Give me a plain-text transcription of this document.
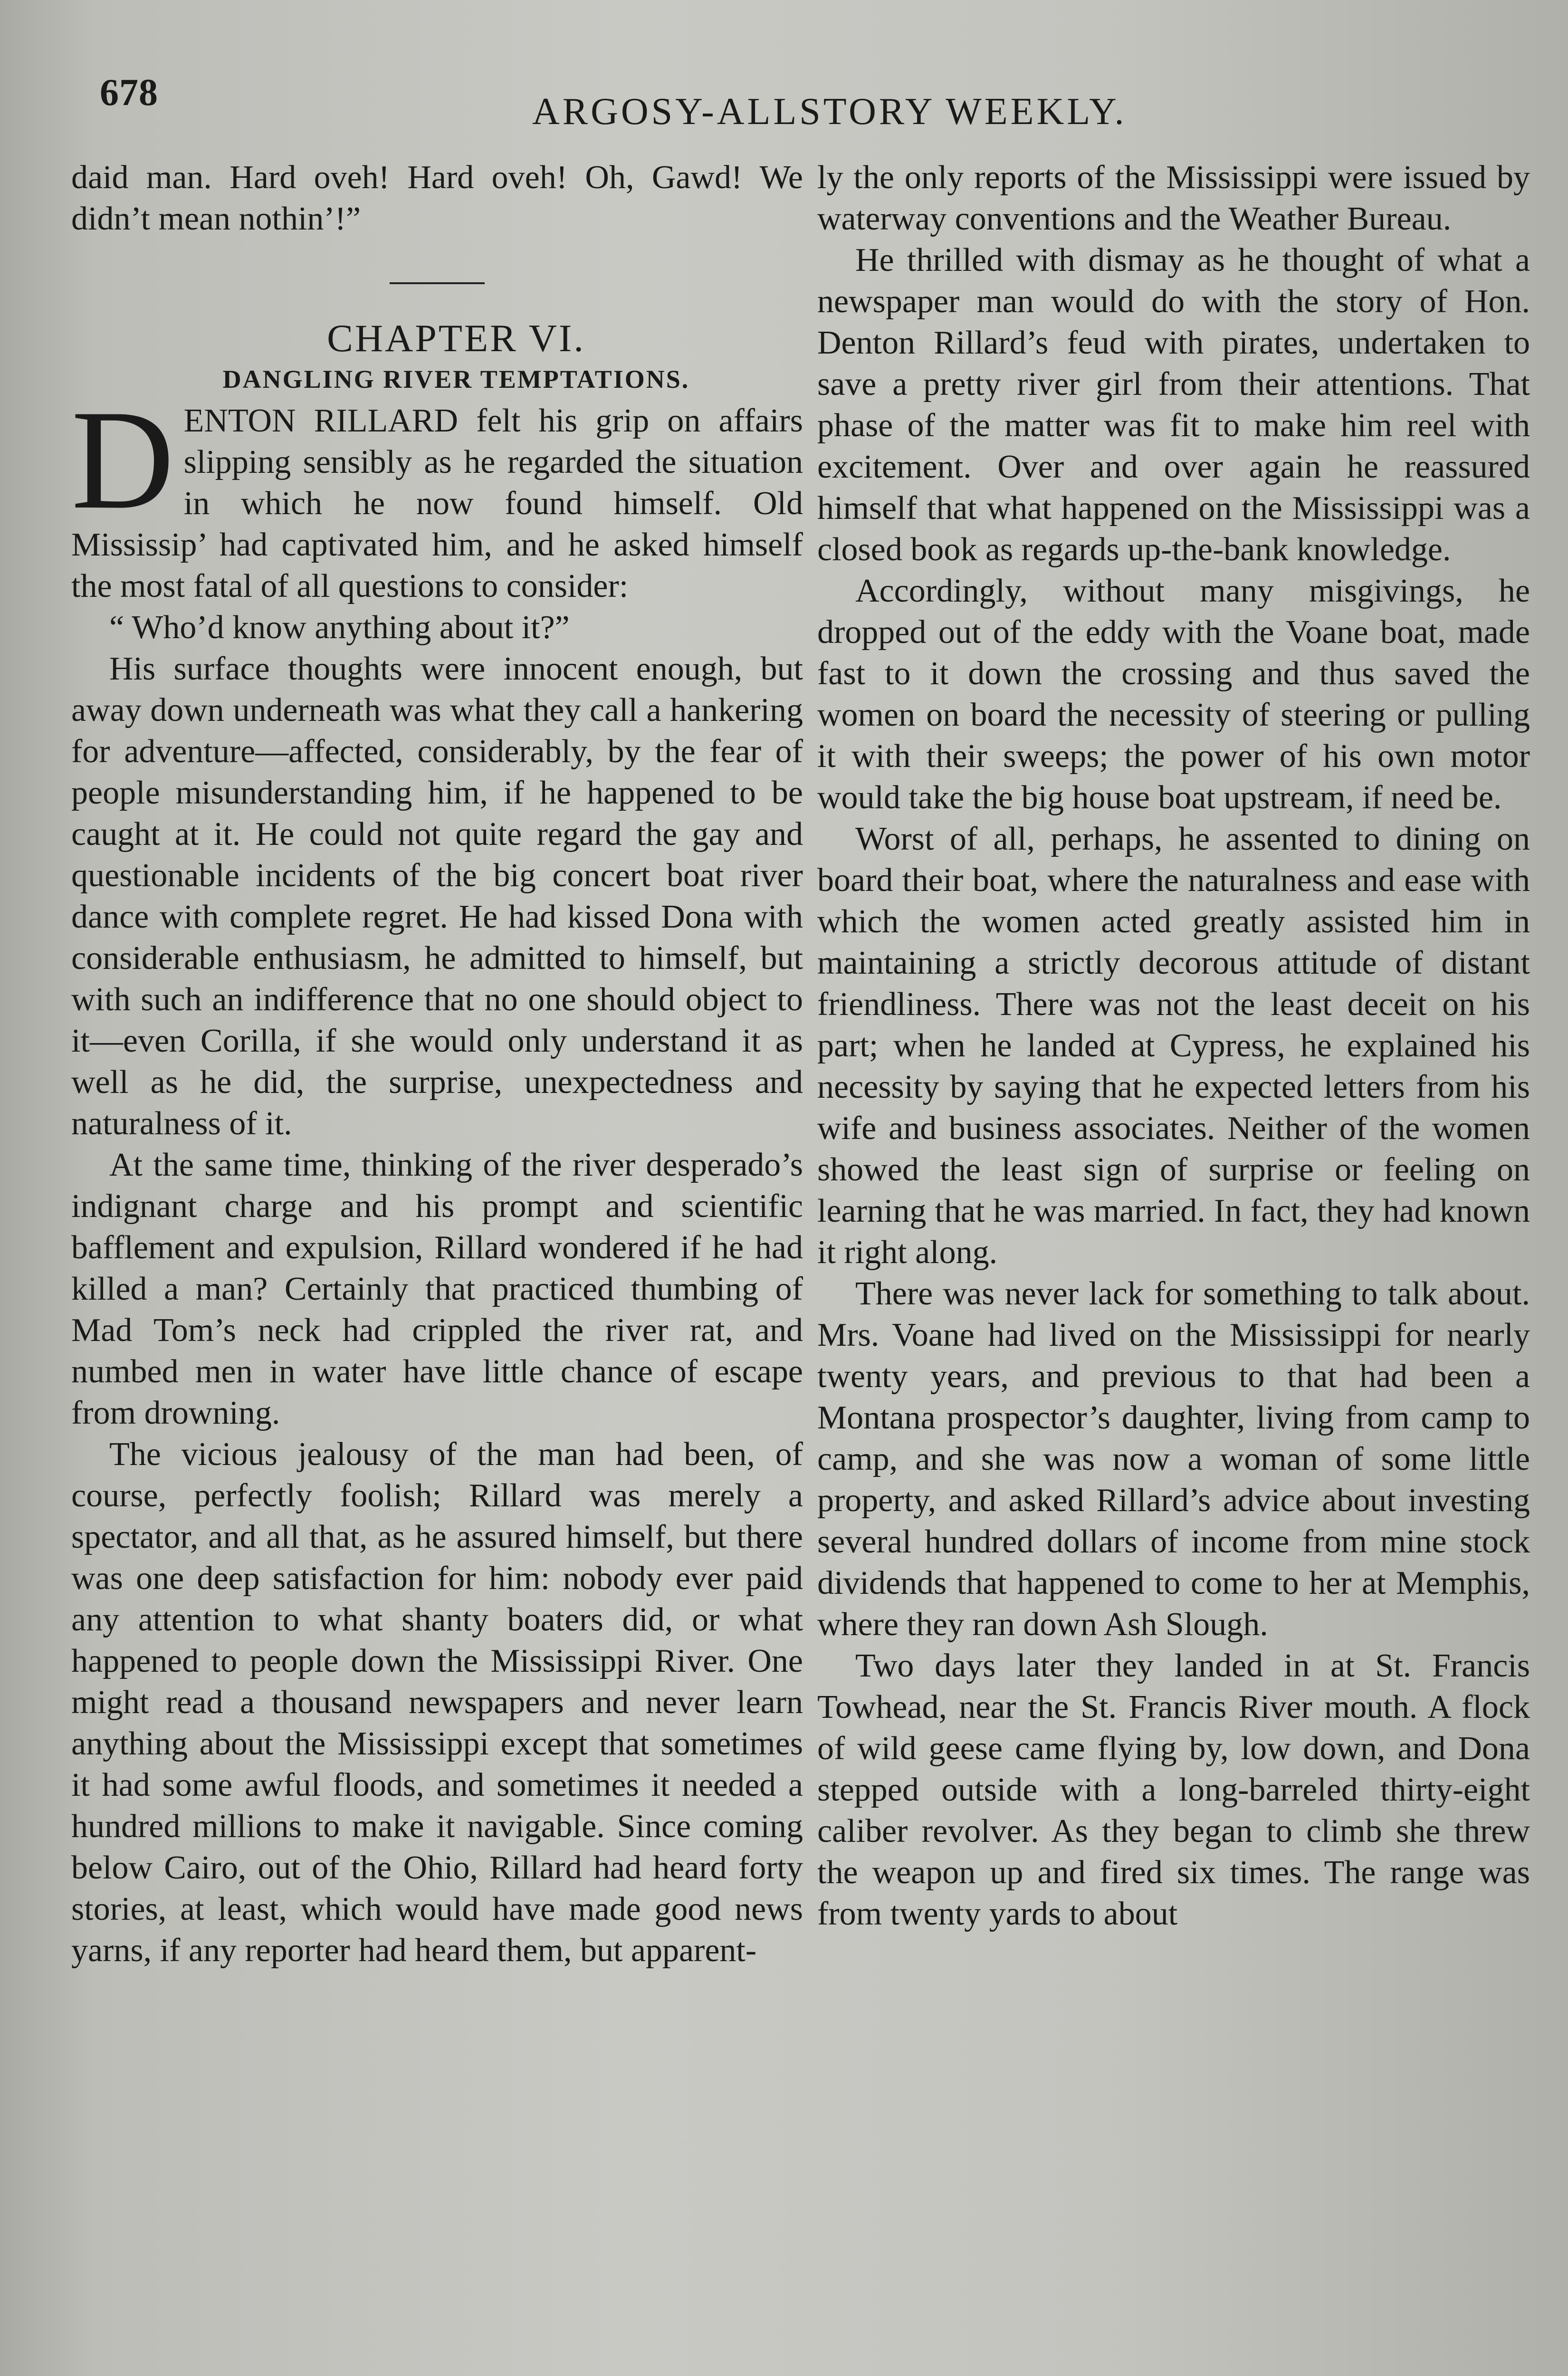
678	ARGOSY-ALLSTORY WEEKLY.

daid man. Hard oveh! Hard oveh! Oh, Gawd! We didn’t mean nothin’!”

CHAPTER VI.

DANGLING RIVER TEMPTATIONS.

DENTON RILLARD felt his grip on affairs slipping sensibly as he regarded the situation in which he now found himself. Old Mississip’ had captivated him, and he asked himself the most fatal of all questions to consider:

“ Who’d know anything about it?”

His surface thoughts were innocent enough, but away down underneath was what they call a hankering for adventure—affected, considerably, by the fear of people misunderstanding him, if he happened to be caught at it. He could not quite regard the gay and questionable incidents of the big concert boat river dance with complete regret. He had kissed Dona with considerable enthusiasm, he admitted to himself, but with such an indifference that no one should object to it—even Corilla, if she would only understand it as well as he did, the surprise, unexpectedness and naturalness of it.

At the same time, thinking of the river desperado’s indignant charge and his prompt and scientific bafflement and expulsion, Rillard wondered if he had killed a man? Certainly that practiced thumbing of Mad Tom’s neck had crippled the river rat, and numbed men in water have little chance of escape from drowning.

The vicious jealousy of the man had been, of course, perfectly foolish; Rillard was merely a spectator, and all that, as he assured himself, but there was one deep satisfaction for him: nobody ever paid any attention to what shanty boaters did, or what happened to people down the Mississippi River. One might read a thousand newspapers and never learn anything about the Mississippi except that sometimes it had some awful floods, and sometimes it needed a hundred millions to make it navigable. Since coming below Cairo, out of the Ohio, Rillard had heard forty stories, at least, which would have made good news yarns, if any reporter had heard them, but apparent-

ly the only reports of the Mississippi were issued by waterway conventions and the Weather Bureau.

He thrilled with dismay as he thought of what a newspaper man would do with the story of Hon. Denton Rillard’s feud with pirates, undertaken to save a pretty river girl from their attentions. That phase of the matter was fit to make him reel with excitement. Over and over again he reassured himself that what happened on the Mississippi was a closed book as regards up-the-bank knowledge.

Accordingly, without many misgivings, he dropped out of the eddy with the Voane boat, made fast to it down the crossing and thus saved the women on board the necessity of steering or pulling it with their sweeps; the power of his own motor would take the big house boat upstream, if need be.

Worst of all, perhaps, he assented to dining on board their boat, where the naturalness and ease with which the women acted greatly assisted him in maintaining a strictly decorous attitude of distant friendliness. There was not the least deceit on his part; when he landed at Cypress, he explained his necessity by saying that he expected letters from his wife and business associates. Neither of the women showed the least sign of surprise or feeling on learning that he was married. In fact, they had known it right along.

There was never lack for something to talk about. Mrs. Voane had lived on the Mississippi for nearly twenty years, and previous to that had been a Montana prospector’s daughter, living from camp to camp, and she was now a woman of some little property, and asked Rillard’s advice about investing several hundred dollars of income from mine stock dividends that happened to come to her at Memphis, where they ran down Ash Slough.

Two days later they landed in at St. Francis Towhead, near the St. Francis River mouth. A flock of wild geese came flying by, low down, and Dona stepped outside with a long-barreled thirty-eight caliber revolver. As they began to climb she threw the weapon up and fired six times. The range was from twenty yards to about
